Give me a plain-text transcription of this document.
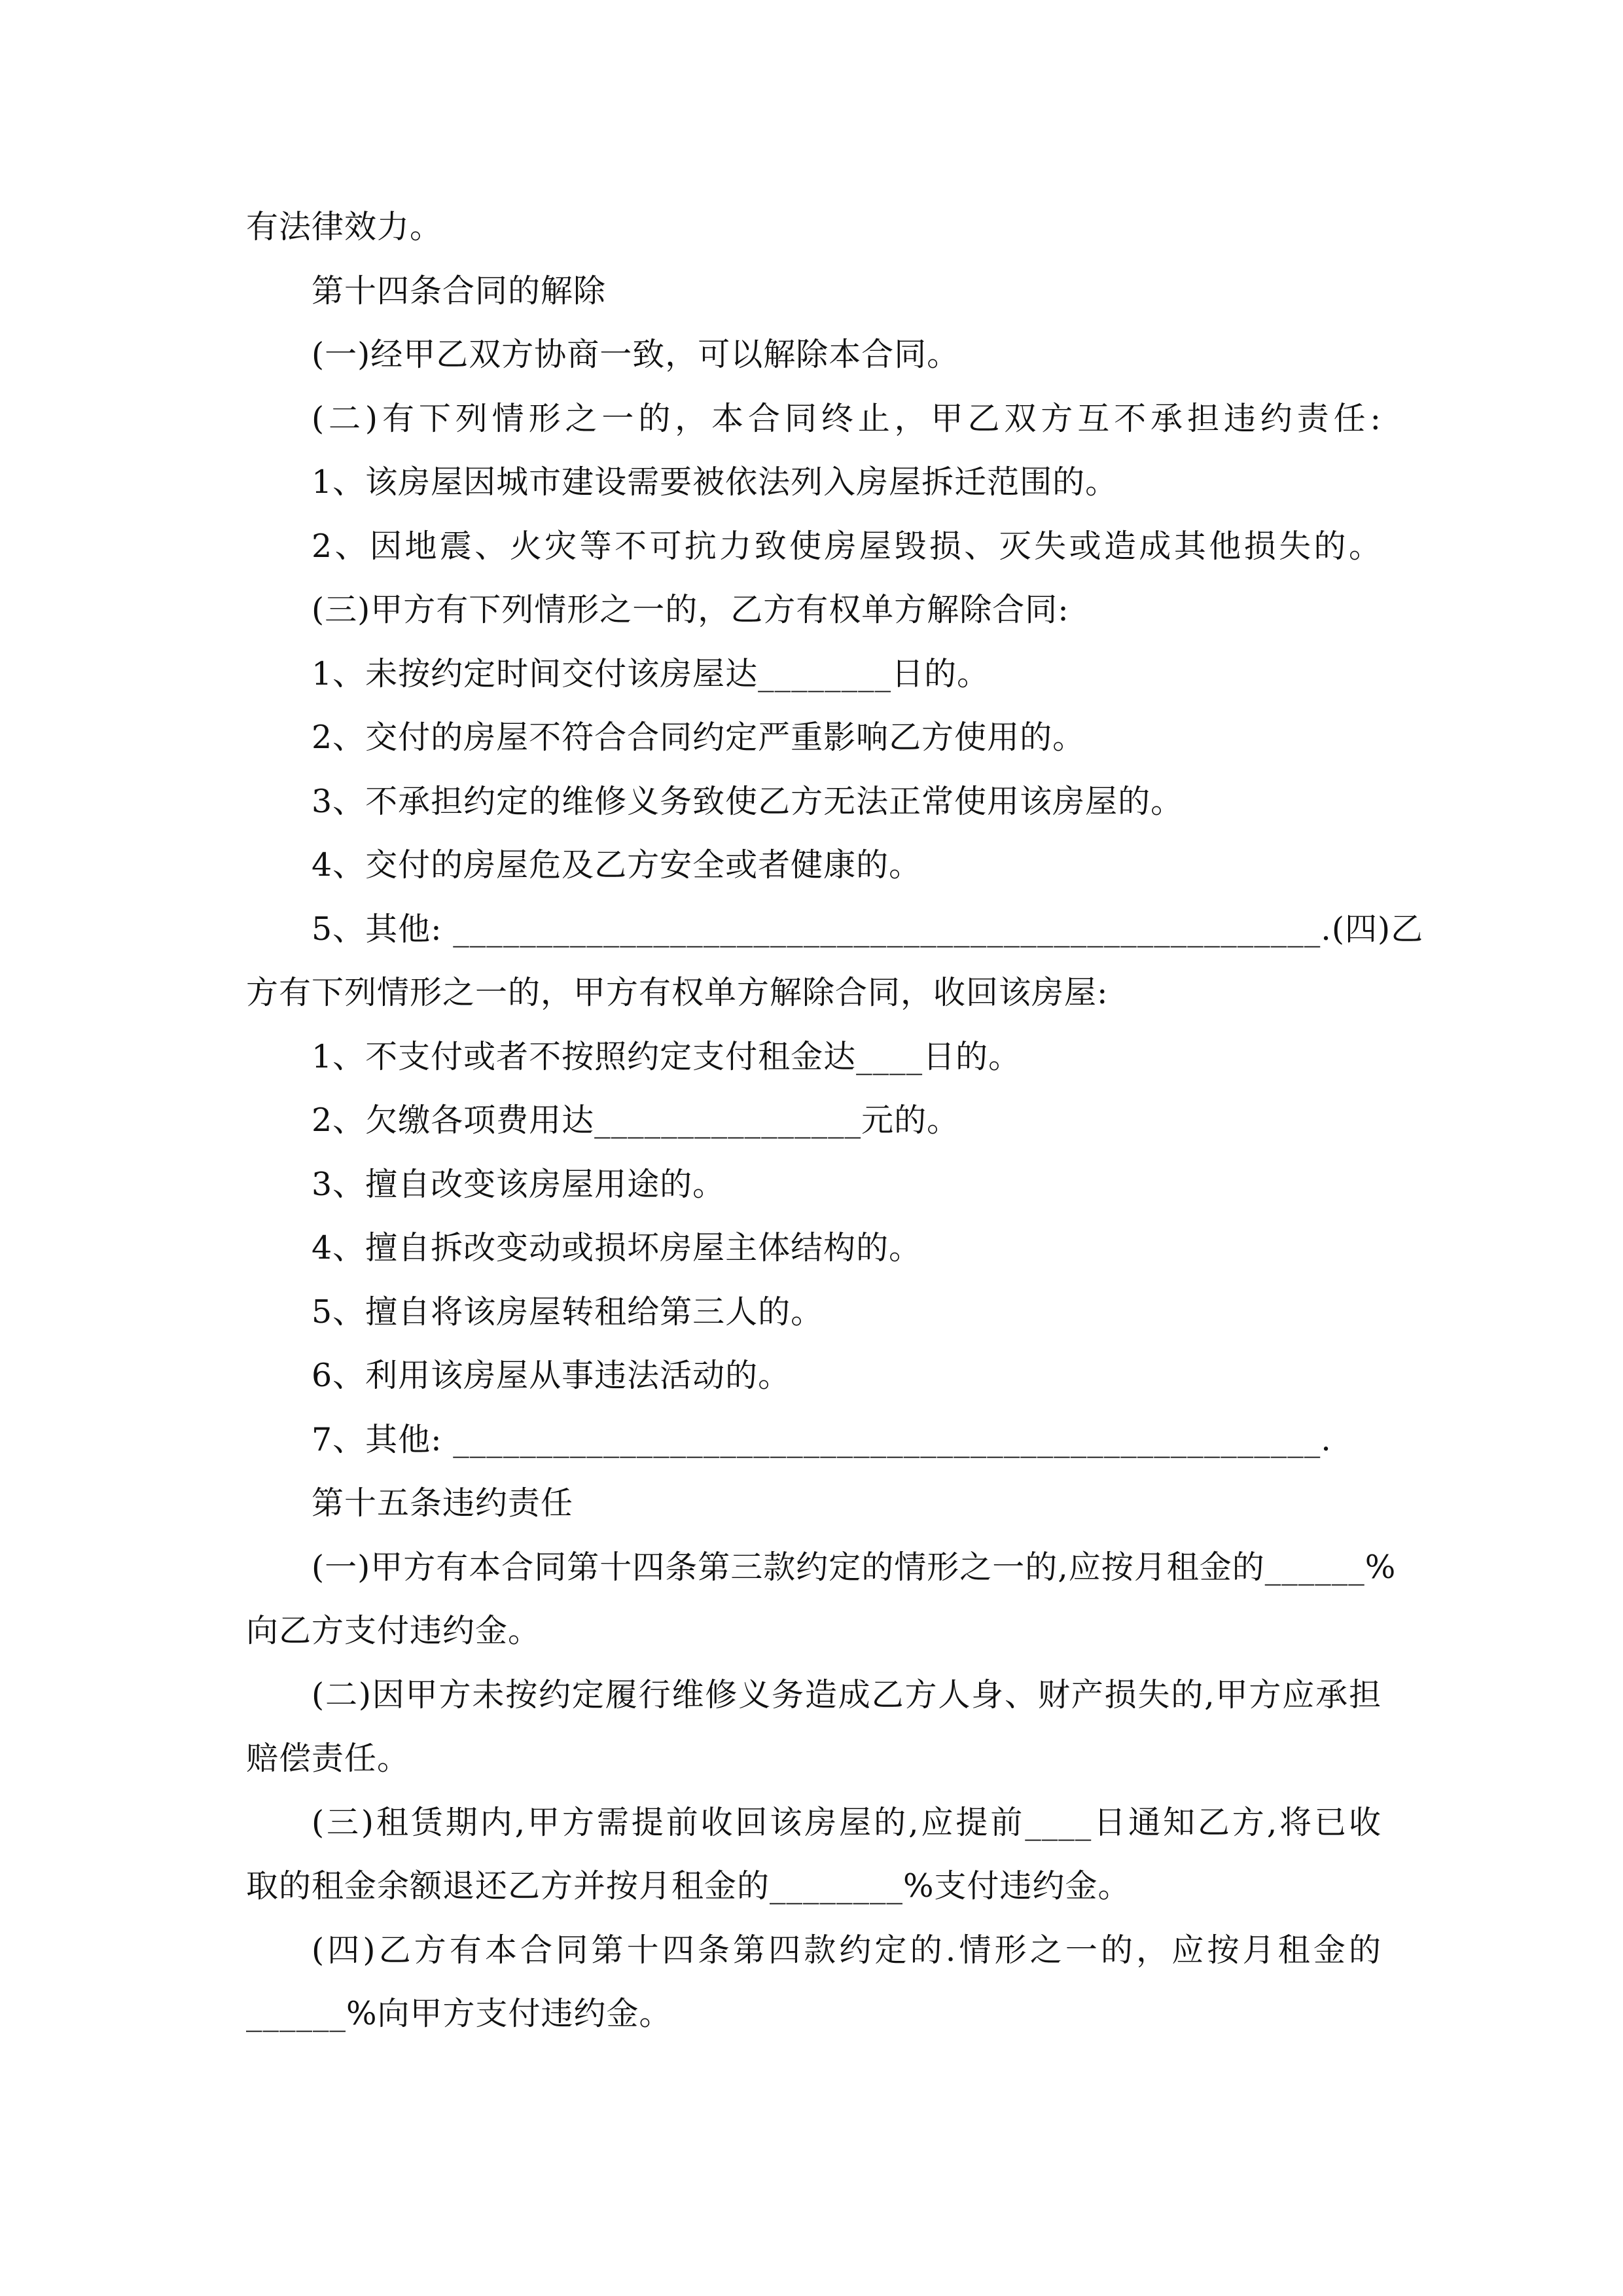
有法律效力。
第十四条合同的解除
(一)经甲乙双方协商一致，可以解除本合同。
(二)有下列情形之一的，本合同终止，甲乙双方互不承担违约责任:
1、该房屋因城市建设需要被依法列入房屋拆迁范围的。
2、因地震、火灾等不可抗力致使房屋毁损、灭失或造成其他损失的。
(三)甲方有下列情形之一的，乙方有权单方解除合同:
1、未按约定时间交付该房屋达________日的。
2、交付的房屋不符合合同约定严重影响乙方使用的。
3、不承担约定的维修义务致使乙方无法正常使用该房屋的。
4、交付的房屋危及乙方安全或者健康的。
5、其他: ____________________________________________________.(四)乙
方有下列情形之一的，甲方有权单方解除合同，收回该房屋:
1、不支付或者不按照约定支付租金达____日的。
2、欠缴各项费用达________________元的。
3、擅自改变该房屋用途的。
4、擅自拆改变动或损坏房屋主体结构的。
5、擅自将该房屋转租给第三人的。
6、利用该房屋从事违法活动的。
7、其他: ____________________________________________________.
第十五条违约责任
(一)甲方有本合同第十四条第三款约定的情形之一的,应按月租金的______%
向乙方支付违约金。
(二)因甲方未按约定履行维修义务造成乙方人身、财产损失的,甲方应承担
赔偿责任。
(三)租赁期内,甲方需提前收回该房屋的,应提前____日通知乙方,将已收
取的租金余额退还乙方并按月租金的________%支付违约金。
(四)乙方有本合同第十四条第四款约定的.情形之一的，应按月租金的
______%向甲方支付违约金。
